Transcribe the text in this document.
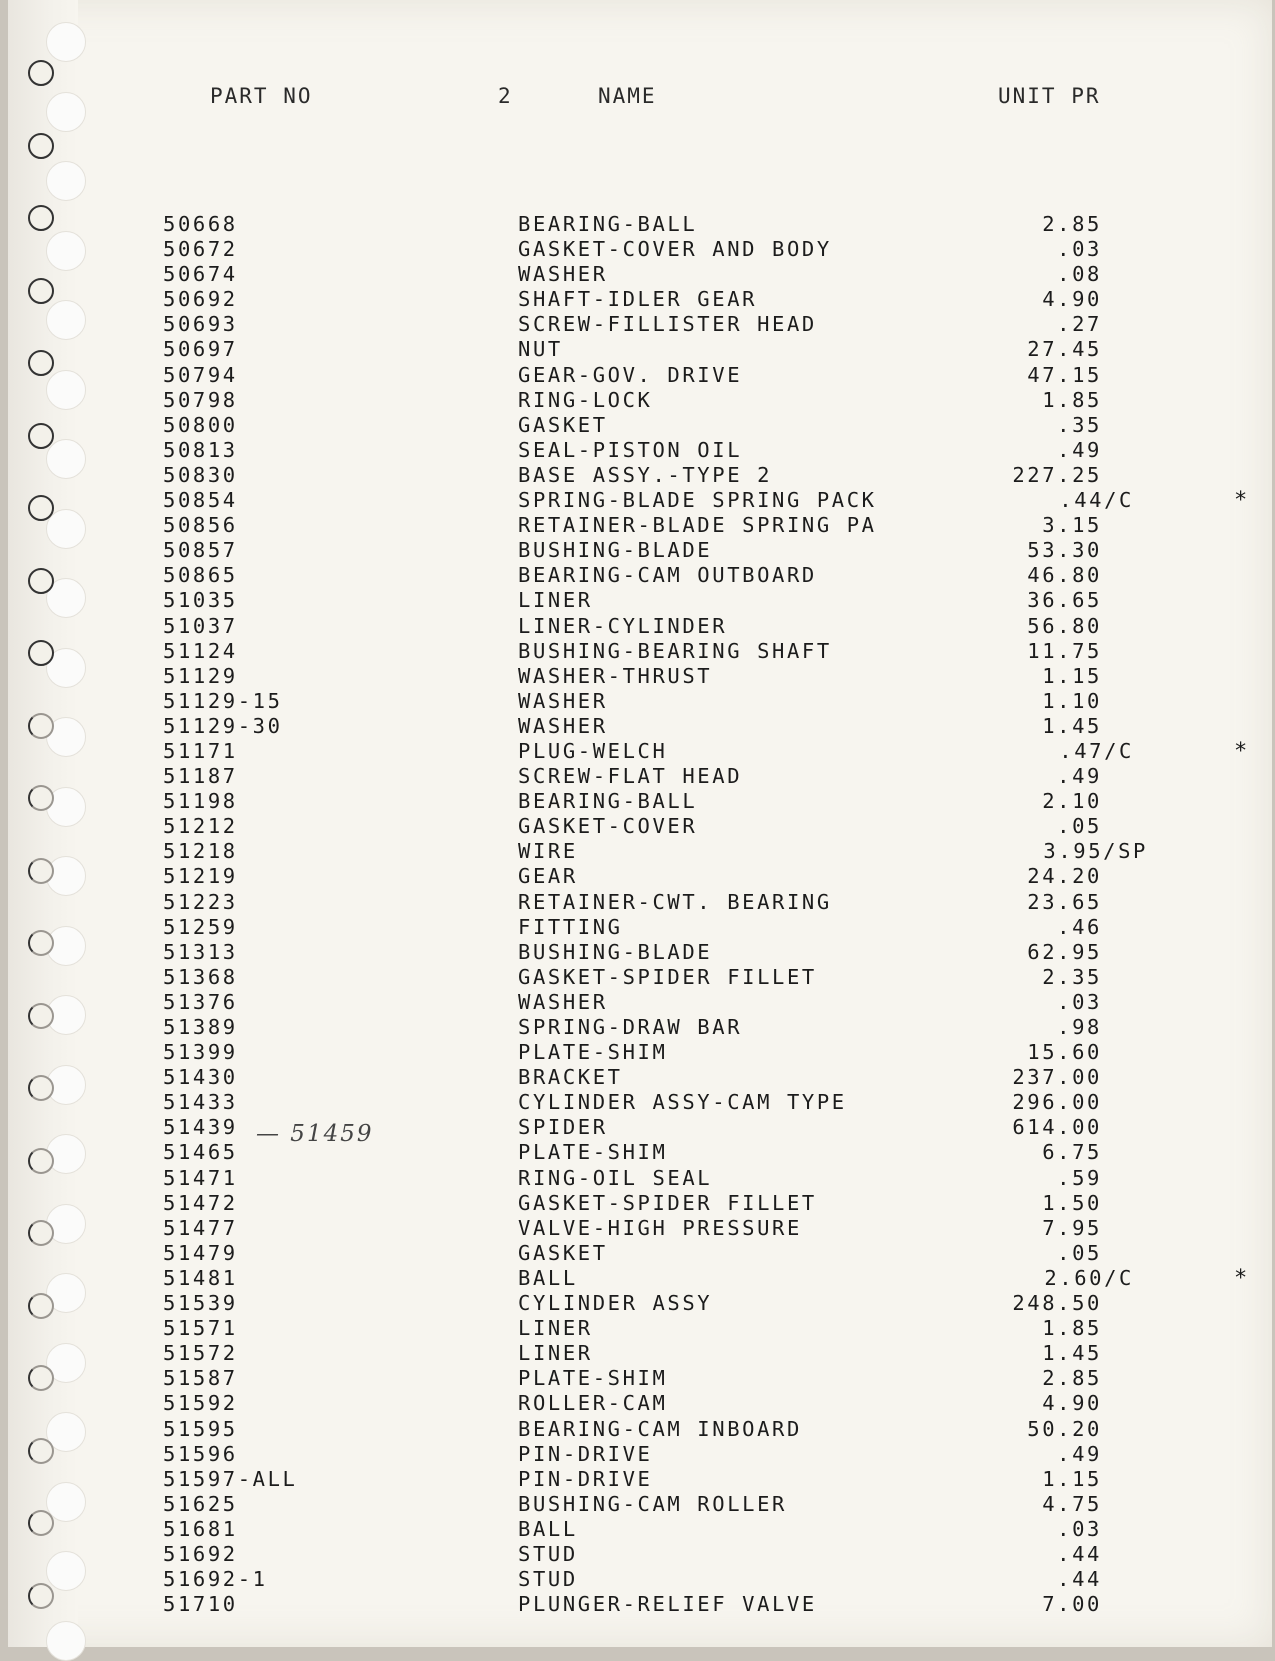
PART NO	2	NAME	UNIT PR
50668	BEARING-BALL	2.85
50672	GASKET-COVER AND BODY	.03
50674	WASHER	.08
50692	SHAFT-IDLER GEAR	4.90
50693	SCREW-FILLISTER HEAD	.27
50697	NUT	27.45
50794	GEAR-GOV. DRIVE	47.15
50798	RING-LOCK	1.85
50800	GASKET	.35
50813	SEAL-PISTON OIL	.49
50830	BASE ASSY.-TYPE 2	227.25
50854	SPRING-BLADE SPRING PACK	.44/C	*
50856	RETAINER-BLADE SPRING PA	3.15
50857	BUSHING-BLADE	53.30
50865	BEARING-CAM OUTBOARD	46.80
51035	LINER	36.65
51037	LINER-CYLINDER	56.80
51124	BUSHING-BEARING SHAFT	11.75
51129	WASHER-THRUST	1.15
51129-15	WASHER	1.10
51129-30	WASHER	1.45
51171	PLUG-WELCH	.47/C	*
51187	SCREW-FLAT HEAD	.49
51198	BEARING-BALL	2.10
51212	GASKET-COVER	.05
51218	WIRE	3.95/SP
51219	GEAR	24.20
51223	RETAINER-CWT. BEARING	23.65
51259	FITTING	.46
51313	BUSHING-BLADE	62.95
51368	GASKET-SPIDER FILLET	2.35
51376	WASHER	.03
51389	SPRING-DRAW BAR	.98
51399	PLATE-SHIM	15.60
51430	BRACKET	237.00
51433	CYLINDER ASSY-CAM TYPE	296.00
51439	SPIDER	614.00
51465	PLATE-SHIM	6.75
51471	RING-OIL SEAL	.59
51472	GASKET-SPIDER FILLET	1.50
51477	VALVE-HIGH PRESSURE	7.95
51479	GASKET	.05
51481	BALL	2.60/C	*
51539	CYLINDER ASSY	248.50
51571	LINER	1.85
51572	LINER	1.45
51587	PLATE-SHIM	2.85
51592	ROLLER-CAM	4.90
51595	BEARING-CAM INBOARD	50.20
51596	PIN-DRIVE	.49
51597-ALL	PIN-DRIVE	1.15
51625	BUSHING-CAM ROLLER	4.75
51681	BALL	.03
51692	STUD	.44
51692-1	STUD	.44
51710	PLUNGER-RELIEF VALVE	7.00
— 51459
